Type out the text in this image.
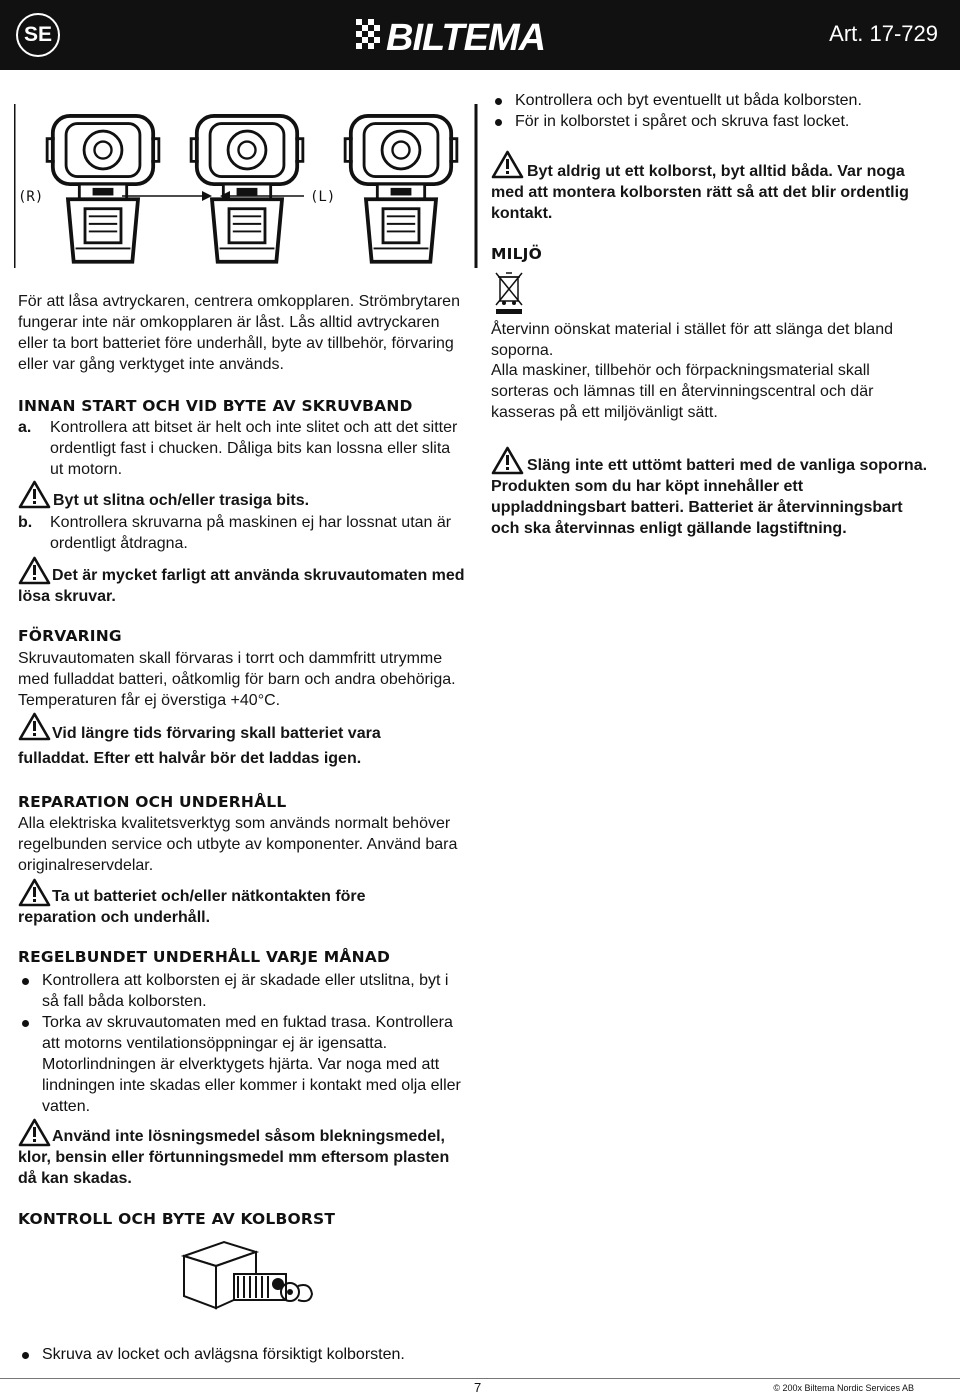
SE	BILTEMA	Art. 17-729
(R)	(L)
För att låsa avtryckaren, centrera omkopplaren. Strömbrytaren fungerar inte när omkopplaren är låst. Lås alltid avtryckaren eller ta bort batteriet före underhåll, byte av tillbehör, förvaring eller var gång verktyget inte används.
INNAN START OCH VID BYTE AV SKRUVBAND
a. Kontrollera att bitset är helt och inte slitet och att det sitter ordentligt fast i chucken. Dåliga bits kan lossna eller slita ut motorn.
Byt ut slitna och/eller trasiga bits.
b. Kontrollera skruvarna på maskinen ej har lossnat utan är ordentligt åtdragna.
Det är mycket farligt att använda skruvautomaten med lösa skruvar.
FÖRVARING
Skruvautomaten skall förvaras i torrt och dammfritt utrymme med fulladdat batteri, oåtkomlig för barn och andra obehöriga. Temperaturen får ej överstiga +40°C.
Vid längre tids förvaring skall batteriet vara fulladdat. Efter ett halvår bör det laddas igen.
REPARATION OCH UNDERHÅLL
Alla elektriska kvalitetsverktyg som används normalt behöver regelbunden service och utbyte av komponenter. Använd bara originalreservdelar.
Ta ut batteriet och/eller nätkontakten före reparation och underhåll.
REGELBUNDET UNDERHÅLL VARJE MÅNAD
Kontrollera att kolborsten ej är skadade eller utslitna, byt i så fall båda kolborsten.
Torka av skruvautomaten med en fuktad trasa. Kontrollera att motorns ventilationsöppningar ej är igensatta. Motorlindningen är elverktygets hjärta. Var noga med att lindningen inte skadas eller kommer i kontakt med olja eller vatten.
Använd inte lösningsmedel såsom blekningsmedel, klor, bensin eller förtunningsmedel mm eftersom plasten då kan skadas.
KONTROLL OCH BYTE AV KOLBORST
Skruva av locket och avlägsna försiktigt kolborsten.
Kontrollera och byt eventuellt ut båda kolborsten.
För in kolborstet i spåret och skruva fast locket.
Byt aldrig ut ett kolborst, byt alltid båda. Var noga med att montera kolborsten rätt så att det blir ordentlig kontakt.
MILJÖ
Återvinn oönskat material i stället för att slänga det bland soporna.
Alla maskiner, tillbehör och förpackningsmaterial skall sorteras och lämnas till en återvinningscentral och där kasseras på ett miljövänligt sätt.
Släng inte ett uttömt batteri med de vanliga soporna. Produkten som du har köpt innehåller ett uppladdningsbart batteri. Batteriet är återvinningsbart och ska återvinnas enligt gällande lagstiftning.
7	© 200x Biltema Nordic Services AB
